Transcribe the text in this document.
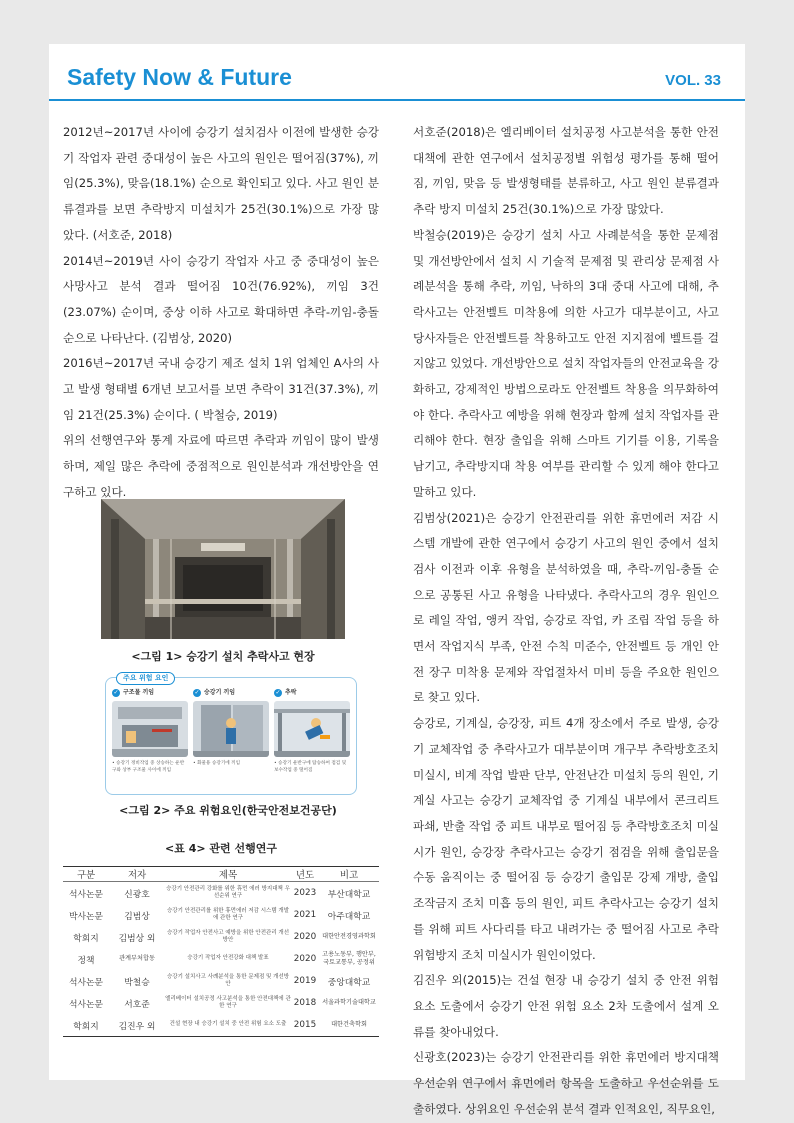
Safety Now & Future	VOL. 33

2012년~2017년 사이에 승강기 설치검사 이전에 발생한 승강기 작업자 관련 중대성이 높은 사고의 원인은 떨어짐(37%), 끼임(25.3%), 맞음(18.1%) 순으로 확인되고 있다. 사고 원인 분류결과를 보면 추락방지 미설치가 25건(30.1%)으로 가장 많았다. (서호준, 2018)

2014년~2019년 사이 승강기 작업자 사고 중 중대성이 높은 사망사고 분석 결과 떨어짐 10건(76.92%), 끼임 3건(23.07%) 순이며, 중상 이하 사고로 확대하면 추락-끼임-충돌 순으로 나타난다. (김범상, 2020)

2016년~2017년 국내 승강기 제조 설치 1위 업체인 A사의 사고 발생 형태별 6개년 보고서를 보면 추락이 31건(37.3%), 끼임 21건(25.3%) 순이다. ( 박철승, 2019)

위의 선행연구와 통계 자료에 따르면 추락과 끼임이 많이 발생하며, 제일 많은 추락에 중점적으로 원인분석과 개선방안을 연구하고 있다.

<그림 1> 승강기 설치 추락사고 현장
주요 위험 요인
✓ 구조물 끼임
• 승강기 정비작업 중 상승하는 운반구와 상부 구조물 사이에 끼임
✓ 승강기 끼임
• 화물용 승강기에 끼임
✓ 추락
• 승강기 운반구에 탑승하여 점검 및 보수작업 중 떨어짐
<그림 2> 주요 위험요인(한국안전보건공단)
<표 4> 관련 선행연구
구분	저자	제목	년도	비고
석사논문	신광호	승강기 안전관리 강화를 위한 휴먼 에러 방지대책 우선순위 연구	2023	부산대학교
박사논문	김범상	승강기 안전관리를 위한 휴먼에러 저감 시스템 개발에 관한 연구	2021	아주대학교
학회지	김범상 외	승강기 작업자 안전사고 예방을 위한 안전관리 개선방안	2020	대한안전경영과학회
정책	관계부처합동	승강기 작업자 안전강화 대책 발표	2020	고용노동부, 행안부, 국토교통부, 공정위
석사논문	박철승	승강기 설치사고 사례분석을 통한 문제점 및 개선방안	2019	중앙대학교
석사논문	서호준	엘리베이터 설치공정 사고분석을 통한 안전대책에 관한 연구	2018	서울과학기술대학교
학회지	김진우 외	건설 현장 내 승강기 설치 중 안전 위험 요소 도출	2015	대한건축학회

서호준(2018)은 엘리베이터 설치공정 사고분석을 통한 안전대책에 관한 연구에서 설치공정별 위험성 평가를 통해 떨어짐, 끼임, 맞음 등 발생형태를 분류하고, 사고 원인 분류결과 추락 방지 미설치 25건(30.1%)으로 가장 많았다.

박철승(2019)은 승강기 설치 사고 사례분석을 통한 문제점 및 개선방안에서 설치 시 기술적 문제점 및 관리상 문제점 사례분석을 통해 추락, 끼임, 낙하의 3대 중대 사고에 대해, 추락사고는 안전벨트 미착용에 의한 사고가 대부분이고, 사고 당사자들은 안전벨트를 착용하고도 안전 지지점에 벨트를 걸지않고 있었다. 개선방안으로 설치 작업자들의 안전교육을 강화하고, 강제적인 방법으로라도 안전벨트 착용을 의무화하여야 한다. 추락사고 예방을 위해 현장과 함께 설치 작업자를 관리해야 한다. 현장 출입을 위해 스마트 기기를 이용, 기록을 남기고, 추락방지대 착용 여부를 관리할 수 있게 해야 한다고 말하고 있다.

김범상(2021)은 승강기 안전관리를 위한 휴먼에러 저감 시스템 개발에 관한 연구에서 승강기 사고의 원인 중에서 설치검사 이전과 이후 유형을 분석하였을 때, 추락-끼임-충돌 순으로 공통된 사고 유형을 나타냈다. 추락사고의 경우 원인으로 레일 작업, 앵커 작업, 승강로 작업, 카 조립 작업 등을 하면서 작업지식 부족, 안전 수칙 미준수, 안전벨트 등 개인 안전 장구 미착용 문제와 작업절차서 미비 등을 주요한 원인으로 찾고 있다.

승강로, 기계실, 승강장, 피트 4개 장소에서 주로 발생, 승강기 교체작업 중 추락사고가 대부분이며 개구부 추락방호조치 미실시, 비계 작업 발판 단부, 안전난간 미설치 등의 원인, 기계실 사고는 승강기 교체작업 중 기계실 내부에서 콘크리트 파쇄, 반출 작업 중 피트 내부로 떨어짐 등 추락방호조치 미실시가 원인, 승강장 추락사고는 승강기 점검을 위해 출입문을 수동 움직이는 중 떨어짐 등 승강기 출입문 강제 개방, 출입 조작금지 조치 미흡 등의 원인, 피트 추락사고는 승강기 설치를 위해 피트 사다리를 타고 내려가는 중 떨어짐 사고로 추락위험방지 조치 미실시가 원인이었다.

김진우 외(2015)는 건설 현장 내 승강기 설치 중 안전 위험 요소 도출에서 승강기 안전 위험 요소 2차 도출에서 설계 오류를 찾아내었다.

신광호(2023)는 승강기 안전관리를 위한 휴먼에러 방지대책 우선순위 연구에서 휴먼에러 항목을 도출하고 우선순위를 도출하였다. 상위요인 우선순위 분석 결과 인적요인, 직무요인,
